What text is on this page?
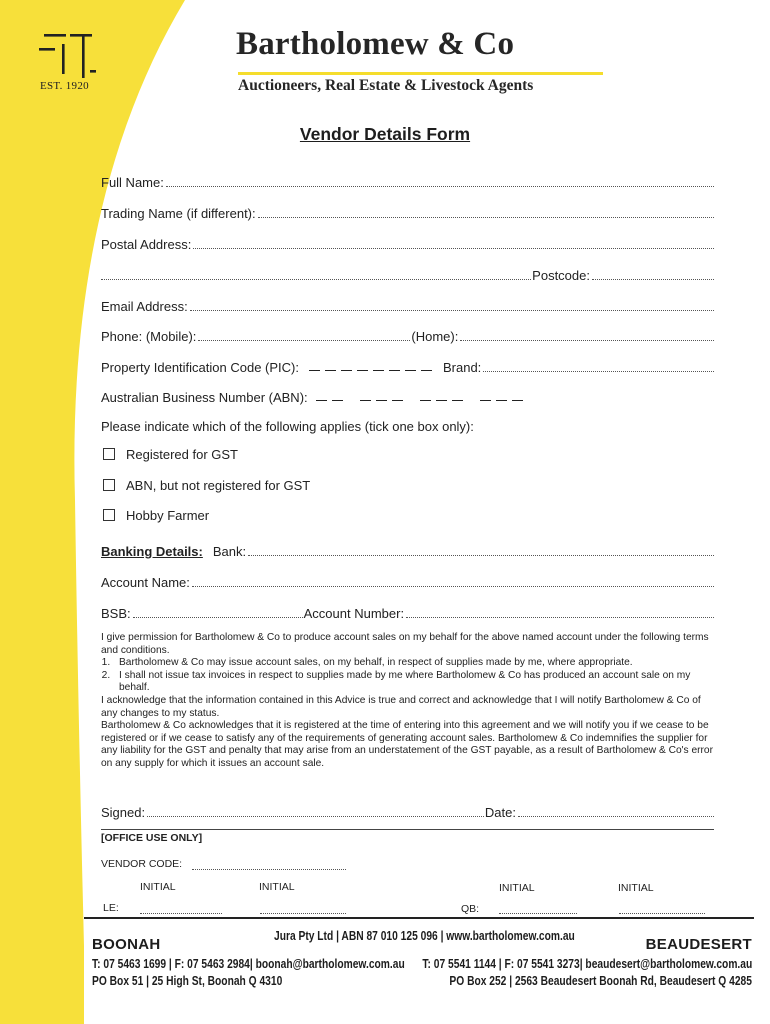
EST. 1920
Bartholomew & Co
Auctioneers, Real Estate & Livestock Agents
Vendor Details Form
Full Name:
Trading Name (if different):
Postal Address:
Postcode:
Email Address:
Phone: (Mobile):	(Home):
Property Identification Code (PIC):	Brand:
Australian Business Number (ABN):
Please indicate which of the following applies (tick one box only):
Registered for GST
ABN, but not registered for GST
Hobby Farmer
Banking Details: Bank:
Account Name:
BSB:	Account Number:

I give permission for Bartholomew & Co to produce account sales on my behalf for the above named account under the following terms and conditions.

1. Bartholomew & Co may issue account sales, on my behalf, in respect of supplies made by me, where appropriate.
2. I shall not issue tax invoices in respect to supplies made by me where Bartholomew & Co has produced an account sale on my behalf.

I acknowledge that the information contained in this Advice is true and correct and acknowledge that I will notify Bartholomew & Co of any changes to my status.

Bartholomew & Co acknowledges that it is registered at the time of entering into this agreement and we will notify you if we cease to be registered or if we cease to satisfy any of the requirements of generating account sales. Bartholomew & Co indemnifies the supplier for any liability for the GST and penalty that may arise from an understatement of the GST payable, as a result of Bartholomew & Co's error on any supply for which it issues an account sale.

Signed:	Date:
[OFFICE USE ONLY]
VENDOR CODE:
INITIAL	INITIAL	INITIAL	INITIAL
LE:	QB:
Jura Pty Ltd | ABN 87 010 125 096 | www.bartholomew.com.au
BOONAH
T: 07 5463 1699 | F: 07 5463 2984| boonah@bartholomew.com.au
PO Box 51 | 25 High St, Boonah Q 4310
BEAUDESERT
T: 07 5541 1144 | F: 07 5541 3273| beaudesert@bartholomew.com.au
PO Box 252 | 2563 Beaudesert Boonah Rd, Beaudesert Q 4285
